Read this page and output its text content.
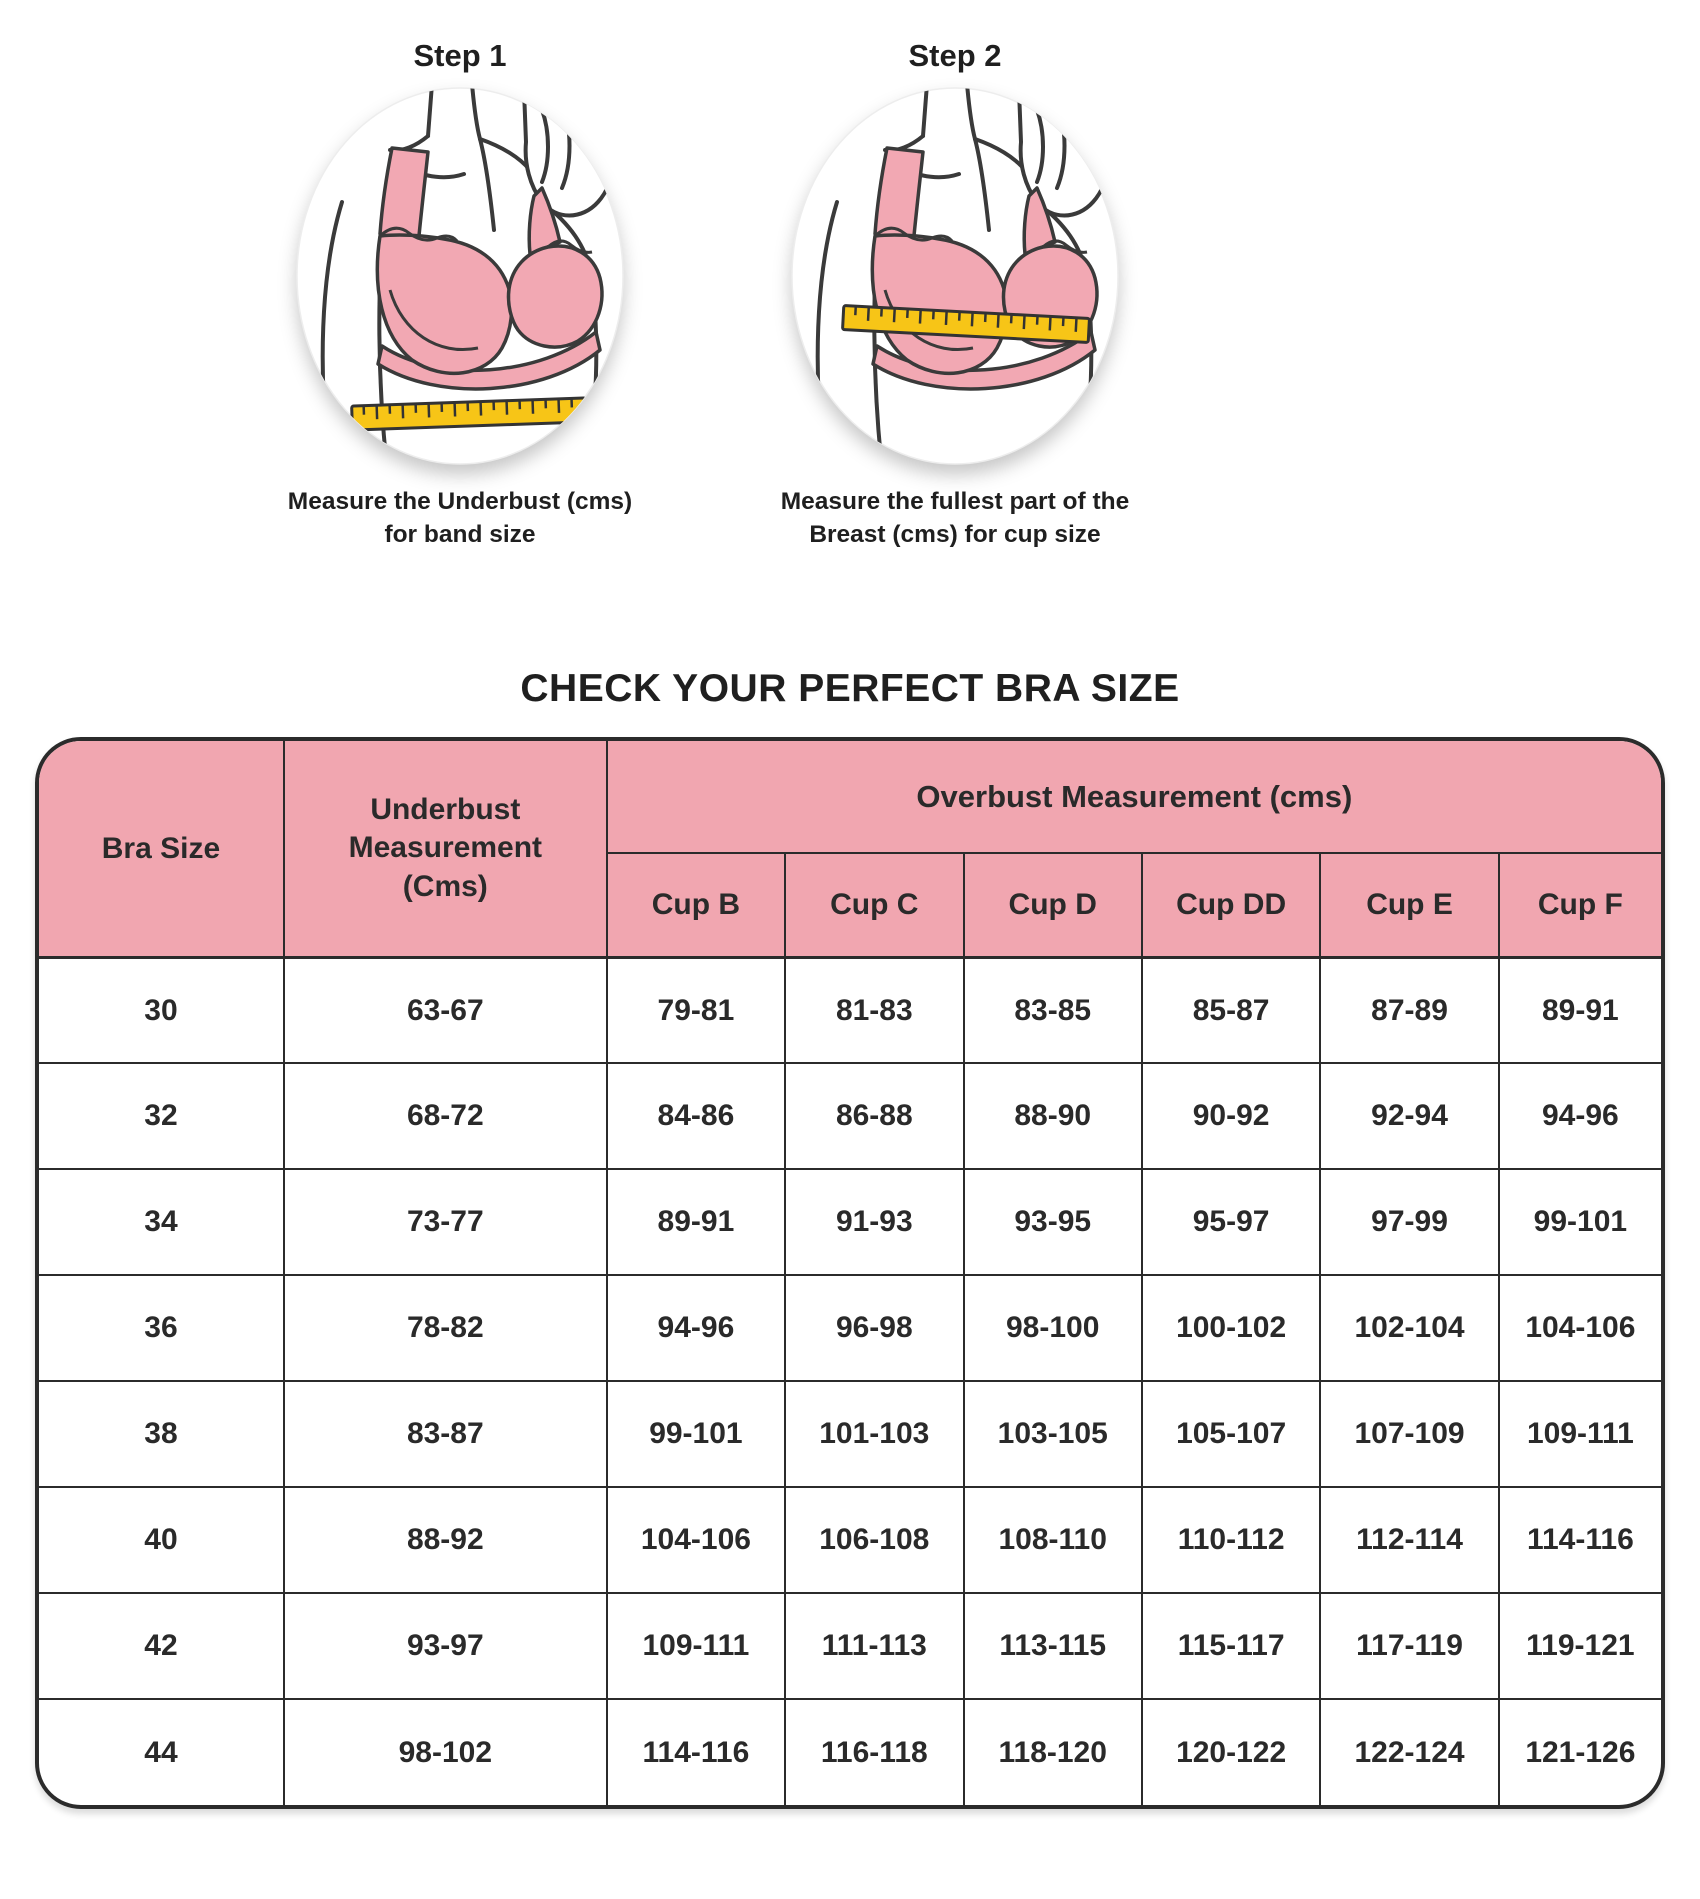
Step 1
Measure the Underbust (cms)
for band size
Step 2
Measure the fullest part of the
Breast (cms) for cup size
CHECK YOUR PERFECT BRA SIZE
Bra Size	Underbust Measurement (Cms)	Overbust Measurement (cms)					
		Cup B	Cup C	Cup D	Cup DD	Cup E	Cup F
30	63-67	79-81	81-83	83-85	85-87	87-89	89-91
32	68-72	84-86	86-88	88-90	90-92	92-94	94-96
34	73-77	89-91	91-93	93-95	95-97	97-99	99-101
36	78-82	94-96	96-98	98-100	100-102	102-104	104-106
38	83-87	99-101	101-103	103-105	105-107	107-109	109-111
40	88-92	104-106	106-108	108-110	110-112	112-114	114-116
42	93-97	109-111	111-113	113-115	115-117	117-119	119-121
44	98-102	114-116	116-118	118-120	120-122	122-124	121-126
